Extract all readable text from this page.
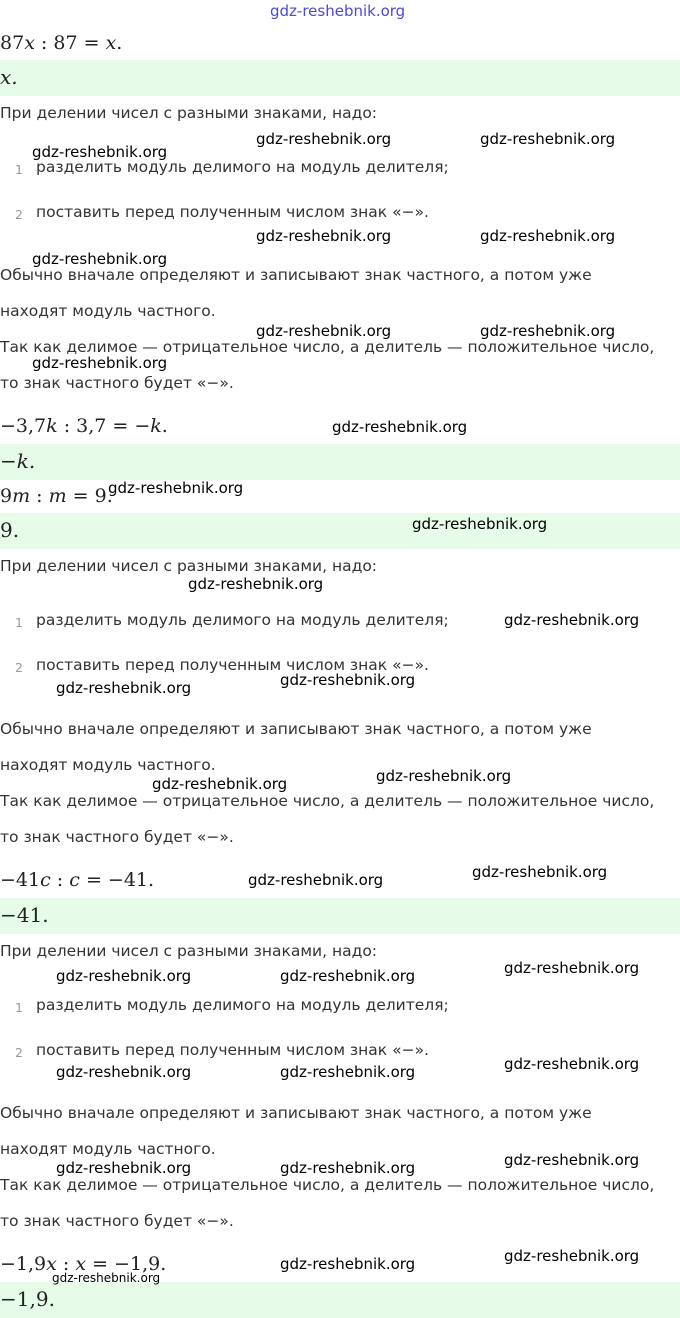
gdz-reshebnik.org
87x : 87 = x.
x.
При делении чисел с разными знаками, надо:
1 разделить модуль делимого на модуль делителя;
2 поставить перед полученным числом знак «−».
Обычно вначале определяют и записывают знак частного, а потом уже
находят модуль частного.
Так как делимое — отрицательное число, а делитель — положительное число,
то знак частного будет «−».
−3,7k : 3,7 = −k.
−k.
9m : m = 9.
9.
При делении чисел с разными знаками, надо:
1 разделить модуль делимого на модуль делителя;
2 поставить перед полученным числом знак «−».
Обычно вначале определяют и записывают знак частного, а потом уже
находят модуль частного.
Так как делимое — отрицательное число, а делитель — положительное число,
то знак частного будет «−».
−41c : c = −41.
−41.
При делении чисел с разными знаками, надо:
1 разделить модуль делимого на модуль делителя;
2 поставить перед полученным числом знак «−».
Обычно вначале определяют и записывают знак частного, а потом уже
находят модуль частного.
Так как делимое — отрицательное число, а делитель — положительное число,
то знак частного будет «−».
−1,9x : x = −1,9.
−1,9.
gdz-reshebnik.org	gdz-reshebnik.org
gdz-reshebnik.org
gdz-reshebnik.org	gdz-reshebnik.org
gdz-reshebnik.org
gdz-reshebnik.org	gdz-reshebnik.org
gdz-reshebnik.org
gdz-reshebnik.org
gdz-reshebnik.org
gdz-reshebnik.org
gdz-reshebnik.org
gdz-reshebnik.org
gdz-reshebnik.org
gdz-reshebnik.org
gdz-reshebnik.org
gdz-reshebnik.org
gdz-reshebnik.org
gdz-reshebnik.org
gdz-reshebnik.org
gdz-reshebnik.org	gdz-reshebnik.org
gdz-reshebnik.org
gdz-reshebnik.org	gdz-reshebnik.org
gdz-reshebnik.org
gdz-reshebnik.org	gdz-reshebnik.org
gdz-reshebnik.org
gdz-reshebnik.org
gdz-reshebnik.org
